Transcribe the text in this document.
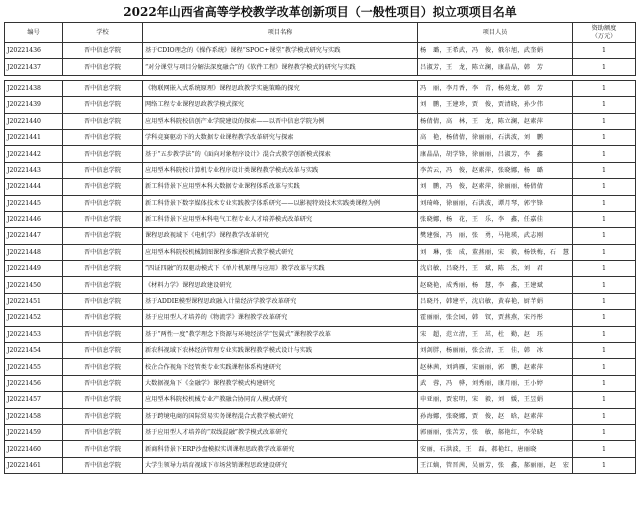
2022年山西省高等学校教学改革创新项目（一般性项目）拟立项项目名单
编号	学校	项目名称	项目人员	资助额度
（万元）

J20221436	晋中信息学院	基于CDIO理念的《操作系统》课程“SPOC+课堂”教学模式研究与实践	杨　璐，王希武，冯　俊，俄尔旭，武奎娟	1
J20221437	晋中信息学院	“对分课堂与项目分解法深度融合”的《软件工程》课程教学模式的研究与实践	吕淑芳，王　龙，陈立澜，康晶晶，韩　芳	1

J20221438	晋中信息学院	《物联网嵌入式系统原理》课程思政教学实施策略的探究	冯　丽，李月香，李　青，杨苑龙，韩　芳	1
J20221439	晋中信息学院	网络工程专业课程思政教学模式探究	刘　鹏，王建珍，贾　俊，贾清晓，孙少伟	1
J20221440	晋中信息学院	应用型本科院校信创产业学院建设的探索——以晋中信息学院为例	杨倩倩，高　林，王　龙，陈立澜，赵素萍	1
J20221441	晋中信息学院	学科竞赛驱动下的大数据专业课程教学改革研究与探索	高　艳，杨倩倩，徐丽丽，石洪波，刘　鹏	1
J20221442	晋中信息学院	基于“五步教学法”的《面向对象程序设计》混合式教学创新模式探索	康晶晶，胡学锋，徐丽丽，吕淑芳，李　鑫	1
J20221443	晋中信息学院	应用型本科院校计算机专业程序设计类课程教学模式改革与实践	李苦云，冯　俊，赵素萍，张晓娜，杨　璐	1
J20221444	晋中信息学院	新工科背景下应用型本科大数据专业课程体系改革与实践	刘　鹏，冯　俊，赵素萍，徐丽丽，杨倩倩	1
J20221445	晋中信息学院	新工科背景下数字媒体技术专业实践教学体系研究——以影视特效技术实践类课程为例	刘琦峰，徐丽丽，石洪波，谭月琴，郭宇锋	1
J20221446	晋中信息学院	新工科背景下应用型本科电气工程专业人才培养模式改革研究	张晓娜，杨　花，王　乐，李　鑫，任嘉佳	1
J20221447	晋中信息学院	课程思政视域下《电机学》课程教学改革研究	樊建强，冯　丽，张　勇，马艳瑛，武志刚	1
J20221448	晋中信息学院	应用型本科院校机械制图课程多维递阶式教学模式研究	刘　琳，张　成，董燕丽，宋　毅，杨铁梅，石　慧	1
J20221449	晋中信息学院	“四证四融”的双驱动模式下《单片机原理与应用》教学改革与实践	沈启敏，吕晓丹，王　斌，陈　杰，刘　君	1
J20221450	晋中信息学院	《材料力学》课程思政建设研究	赵晓艳，成秀丽，杨　慧，李　鑫，王建斌	1
J20221451	晋中信息学院	基于ADDIE模型课程思政融入计量经济学教学改革研究	吕晓丹，韩建平，沈启敏，黄春艳，厨芊娟	1
J20221452	晋中信息学院	基于应用型人才培养的《物流学》课程教学改革研究	霍丽丽，张会园，韩　钗，贾燕燕，宋丹彤	1
J20221453	晋中信息学院	基于“两性一度”教学理念下资源与环境经济学“包翼式”课程教学改革	宋　超，范立清，王　茁，杜　勤，赵　珏	1
J20221454	晋中信息学院	新农科视域下农林经济管理专业实践课程教学模式设计与实践	刘剑胖，杨丽丽，张会清，王　佳，韩　冰	1
J20221455	晋中信息学院	校企合作视角下经管类专业实践课程体系构建研究	赵林茜，刘鸿雁，宋丽丽，郭　鹏，赵素萍	1
J20221456	晋中信息学院	大数据视角下《金融学》课程教学模式构建研究	武　蓉，冯　骅，刘秀丽，康月丽，王小婷	1
J20221457	晋中信息学院	应用型本科院校机械专业产教融合协同育人模式研究	申亚丽，贾宏明，宋　毅，刘　媛，王昱娟	1
J20221458	晋中信息学院	基于跨境电商的国际贸易实务课程混合式教学模式研究	孙海娜，张晓娜，贾　俊，赵　晗，赵素萍	1
J20221459	晋中信息学院	基于应用型人才培养的“双线混融”教学模式改革研究	郭丽丽，张苦芳，张　敏，郝艳红，李荣晓	1
J20221460	晋中信息学院	新商科背景下ERP沙盘模拟实训课程思政教学改革研究	安丽，石洪波，王　磊，郝艳红，唐丽晓	1
J20221461	晋中信息学院	大学生领导力培育视域下市场营销课程思政建设研究	王江嫡，管晋茜，吴丽芳，张　鑫，郝丽丽，赵　宏	1
